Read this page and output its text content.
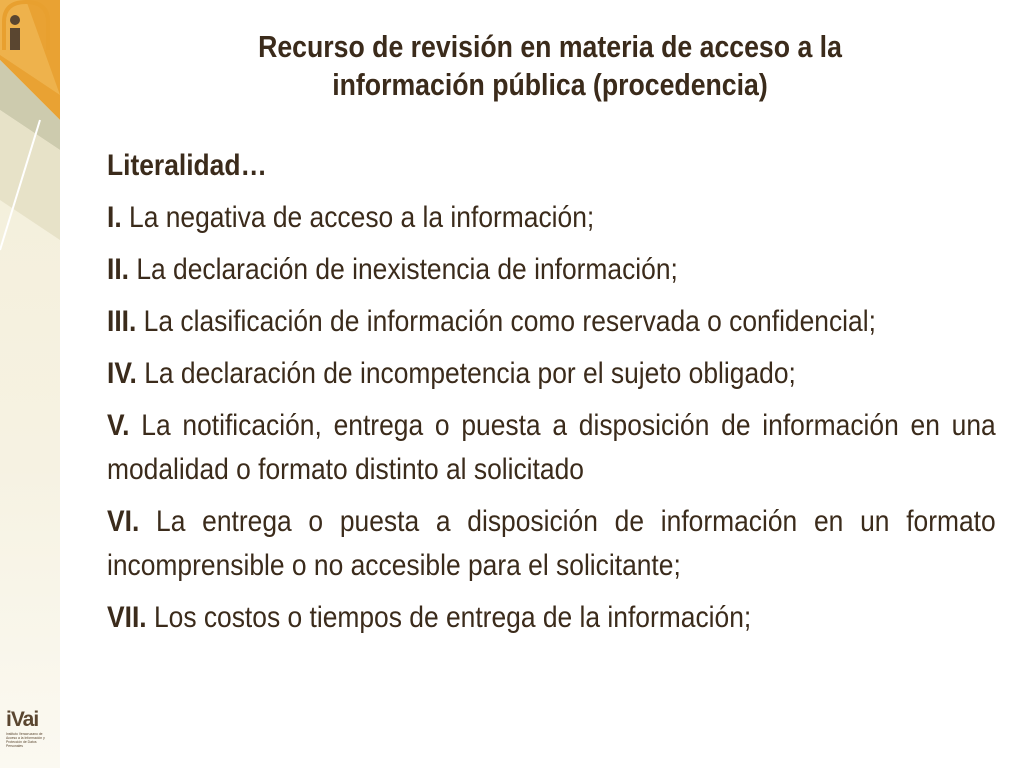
iVai
Instituto Veracruzano de Acceso a la Información y Protección de Datos Personales
Recurso de revisión en materia de acceso a la información pública (procedencia)
Literalidad…
I. La negativa de acceso a la información;
II. La declaración de inexistencia de información;
III. La clasificación de información como reservada o confidencial;
IV. La declaración de incompetencia por el sujeto obligado;
V. La notificación, entrega o puesta a disposición de información en una modalidad o formato distinto al solicitado
VI. La entrega o puesta a disposición de información en un formato incomprensible o no accesible para el solicitante;
VII. Los costos o tiempos de entrega de la información;
